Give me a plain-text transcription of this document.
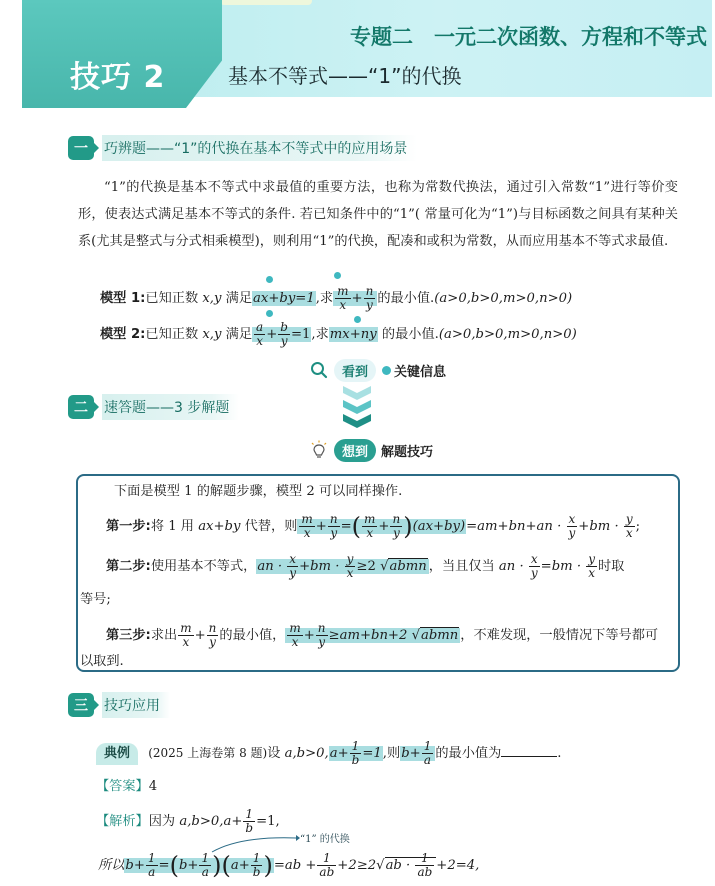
技巧 2
专题二　一元二次函数、方程和不等式
基本不等式——“1”的代换
一	巧辨题——“1”的代换在基本不等式中的应用场景
“1”的代换是基本不等式中求最值的重要方法，也称为常数代换法，通过引入常数“1”进行等价变形，使表达式满足基本不等式的条件. 若已知条件中的“1”( 常量可化为“1”)与目标函数之间具有某种关系(尤其是整式与分式相乘模型)，则利用“1”的代换，配凑和或积为常数，从而应用基本不等式求最值.
模型 1:已知正数 x,y 满足ax+by=1,求 $\frac{m}{x} + \frac{n}{y}$ 的最小值.(a>0,b>0,m>0,n>0)
模型 2:已知正数 x,y 满足 $\frac{a}{x} + \frac{b}{y} =1$,求mx+ny 的最小值.(a>0,b>0,m>0,n>0)
看到	关键信息
二	速答题——3 步解题
想到	解题技巧
下面是模型 1 的解题步骤，模型 2 可以同样操作.
第一步:将 1 用 ax+by 代替，则 $\frac{m}{x} + \frac{n}{y}$ =( $\frac{m}{x} + \frac{n}{y} )(ax+by)=am+bn+an \cdot \frac{x}{y} +bm \cdot \frac{y}{x}$ ;
第二步:使用基本不等式，an · $\frac{x}{y} +bm \cdot \frac{y}{x} \ge 2$ √abmn ，当且仅当 an · $\frac{x}{y} =bm \cdot \frac{y}{x}$ 时取
等号;
第三步:求出 $\frac{m}{x} + \frac{n}{y}$ 的最小值， $\frac{m}{x} + \frac{n}{y} \ge am+bn+2$ √abmn ，不难发现，一般情况下等号都可
以取到.
三	技巧应用
典例 (2025 上海卷第 8 题)设 $a,b>0,a+ \frac{1}{b} =1$,则$b+ \frac{1}{a}$ 的最小值为	.
【答案】4
【解析】因为 $a,b>0,a+ \frac{1}{b} =1$,
“1” 的代换
所以$b+ \frac{1}{a} =(b+ \frac{1}{a} )(a+ \frac{1}{b} )=ab + \frac{1}{ab} +2\ge 2√ab \cdot \frac{1}{ab} +2=4$,
